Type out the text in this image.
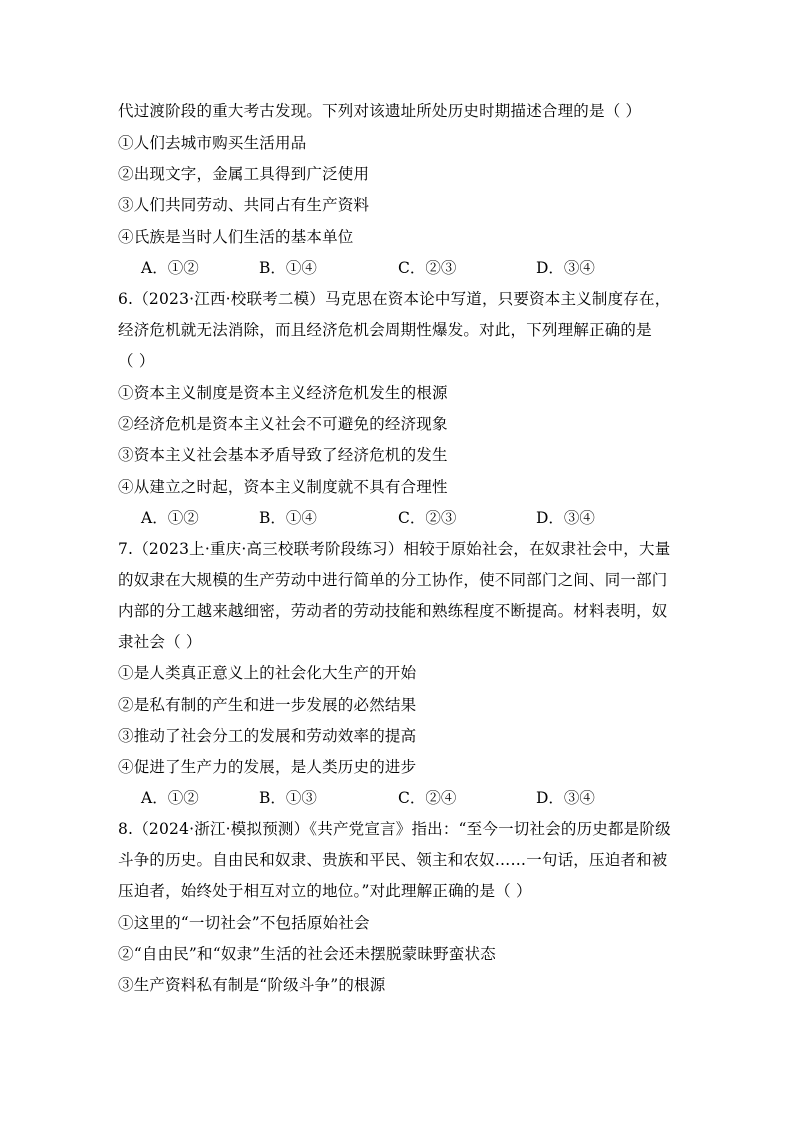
代过渡阶段的重大考古发现。下列对该遗址所处历史时期描述合理的是（ ）
①人们去城市购买生活用品
②出现文字，金属工具得到广泛使用
③人们共同劳动、共同占有生产资料
④氏族是当时人们生活的基本单位
A．①②	B．①④	C．②③	D．③④
6.（2023·江西·校联考二模）马克思在资本论中写道，只要资本主义制度存在，
经济危机就无法消除，而且经济危机会周期性爆发。对此，下列理解正确的是
（ ）
①资本主义制度是资本主义经济危机发生的根源
②经济危机是资本主义社会不可避免的经济现象
③资本主义社会基本矛盾导致了经济危机的发生
④从建立之时起，资本主义制度就不具有合理性
A．①②	B．①④	C．②③	D．③④
7.（2023上·重庆·高三校联考阶段练习）相较于原始社会，在奴隶社会中，大量
的奴隶在大规模的生产劳动中进行简单的分工协作，使不同部门之间、同一部门
内部的分工越来越细密，劳动者的劳动技能和熟练程度不断提高。材料表明，奴
隶社会（ ）
①是人类真正意义上的社会化大生产的开始
②是私有制的产生和进一步发展的必然结果
③推动了社会分工的发展和劳动效率的提高
④促进了生产力的发展，是人类历史的进步
A．①②	B．①③	C．②④	D．③④
8.（2024·浙江·模拟预测）《共产党宣言》指出：“至今一切社会的历史都是阶级
斗争的历史。自由民和奴隶、贵族和平民、领主和农奴……一句话，压迫者和被
压迫者，始终处于相互对立的地位。”对此理解正确的是（ ）
①这里的“一切社会”不包括原始社会
②“自由民”和“奴隶”生活的社会还未摆脱蒙昧野蛮状态
③生产资料私有制是“阶级斗争”的根源
